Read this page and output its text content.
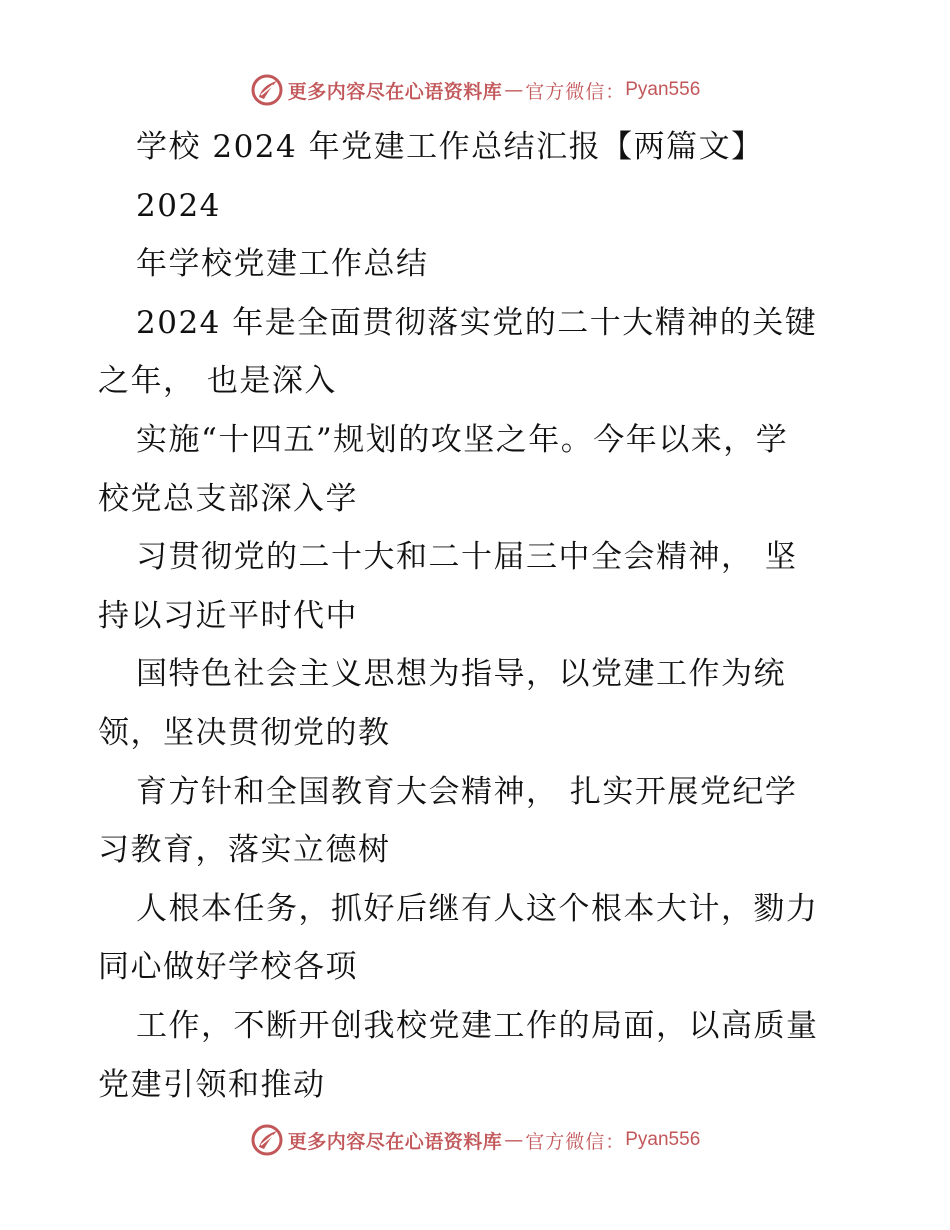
更多内容尽在心语资料库 — 官方微信： Pyan556
学校 2024 年党建工作总结汇报【两篇文】
2024
年学校党建工作总结
2024 年是全面贯彻落实党的二十大精神的关键
之年， 也是深入
实施“十四五”规划的攻坚之年。今年以来，学
校党总支部深入学
习贯彻党的二十大和二十届三中全会精神， 坚
持以习近平时代中
国特色社会主义思想为指导，以党建工作为统
领，坚决贯彻党的教
育方针和全国教育大会精神， 扎实开展党纪学
习教育，落实立德树
人根本任务，抓好后继有人这个根本大计，勠力
同心做好学校各项
工作，不断开创我校党建工作的局面，以高质量
党建引领和推动
更多内容尽在心语资料库 — 官方微信： Pyan556
